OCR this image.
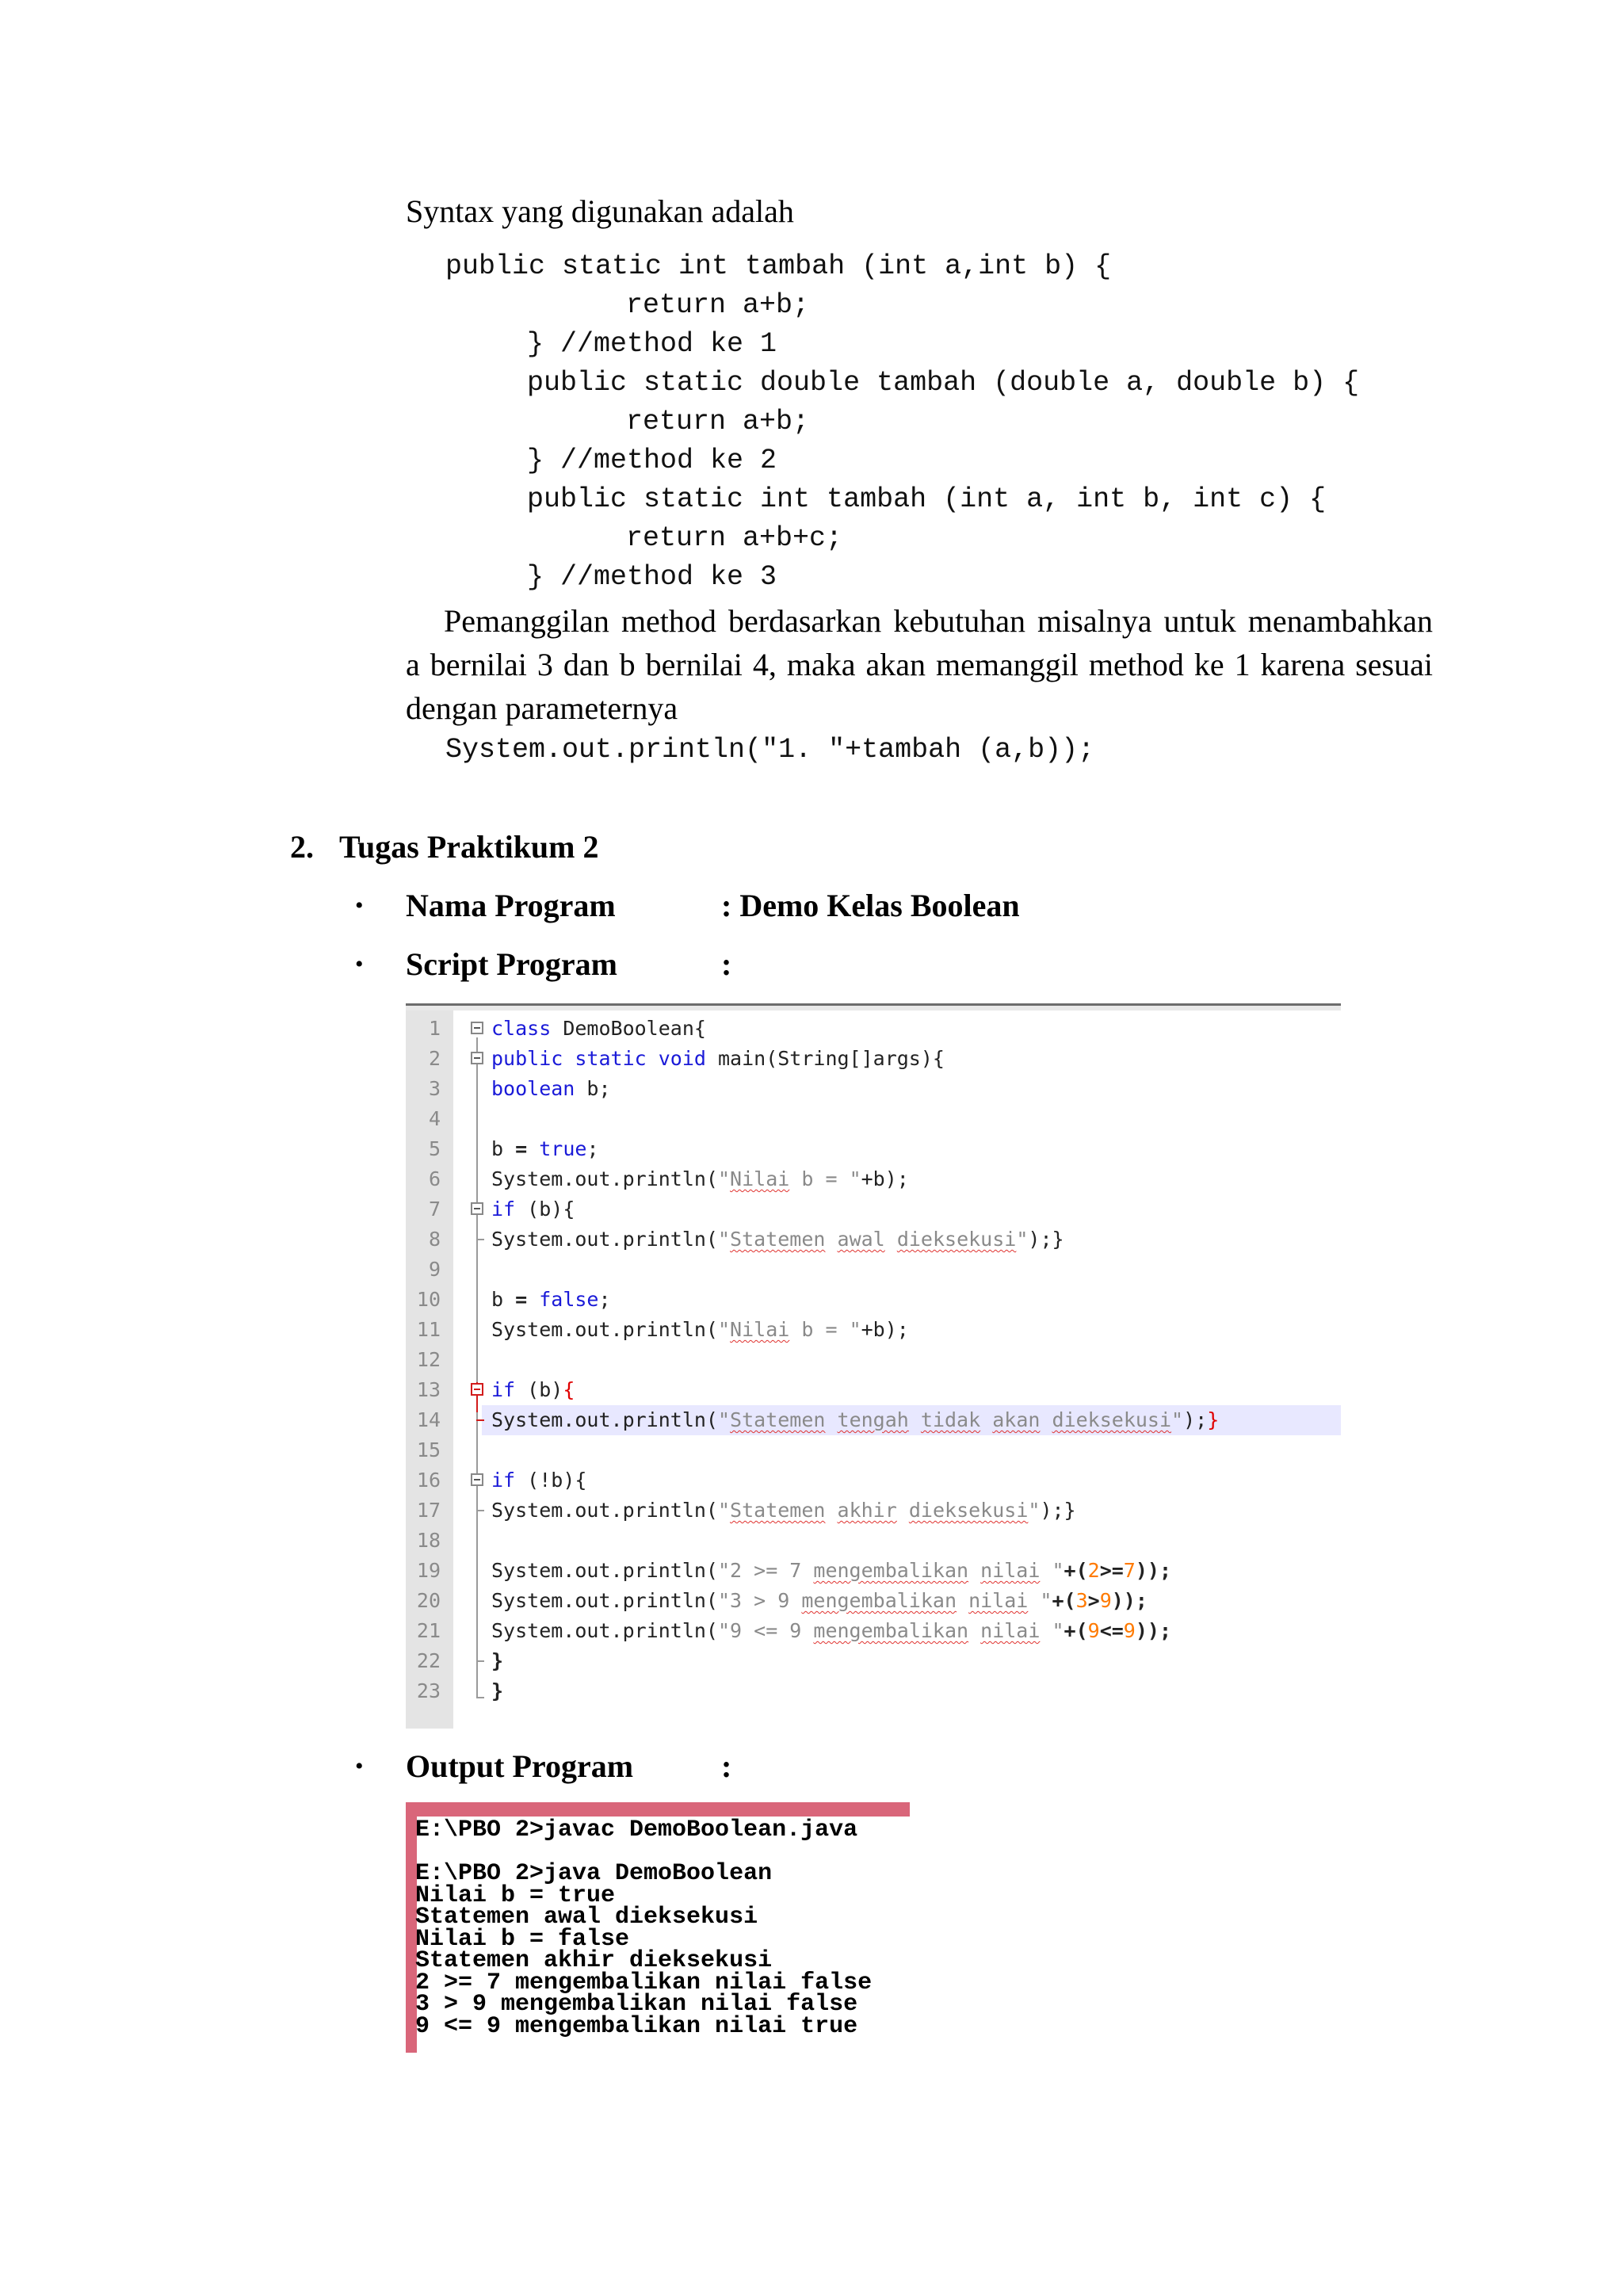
Syntax yang digunakan adalah
public static int tambah (int a,int b) {
return a+b;
} //method ke 1
public static double tambah (double a, double b) {
return a+b;
} //method ke 2
public static int tambah (int a, int b, int c) {
return a+b+c;
} //method ke 3
Pemanggilan method berdasarkan kebutuhan misalnya untuk menambahkan
a bernilai 3 dan b bernilai 4, maka akan memanggil method ke 1 karena sesuai
dengan parameternya
System.out.println("1. "+tambah (a,b));
2. Tugas Praktikum 2
• Nama Program	: Demo Kelas Boolean
• Script Program	:
1	class DemoBoolean{
2	public static void main(String[]args){
3	boolean b;
4
5	b = true;
6	System.out.println("Nilai b = "+b);
7	if (b){
8	System.out.println("Statemen awal dieksekusi");}
9
10	b = false;
11	System.out.println("Nilai b = "+b);
12
13	if (b){
14	System.out.println("Statemen tengah tidak akan dieksekusi");}
15
16	if (!b){
17	System.out.println("Statemen akhir dieksekusi");}
18
19	System.out.println("2 >= 7 mengembalikan nilai "+(2>=7));
20	System.out.println("3 > 9 mengembalikan nilai "+(3>9));
21	System.out.println("9 <= 9 mengembalikan nilai "+(9<=9));
22	}
23	}
• Output Program	:
E:\PBO 2>javac DemoBoolean.java
E:\PBO 2>java DemoBoolean
Nilai b = true
Statemen awal dieksekusi
Nilai b = false
Statemen akhir dieksekusi
2 >= 7 mengembalikan nilai false
3 > 9 mengembalikan nilai false
9 <= 9 mengembalikan nilai true
